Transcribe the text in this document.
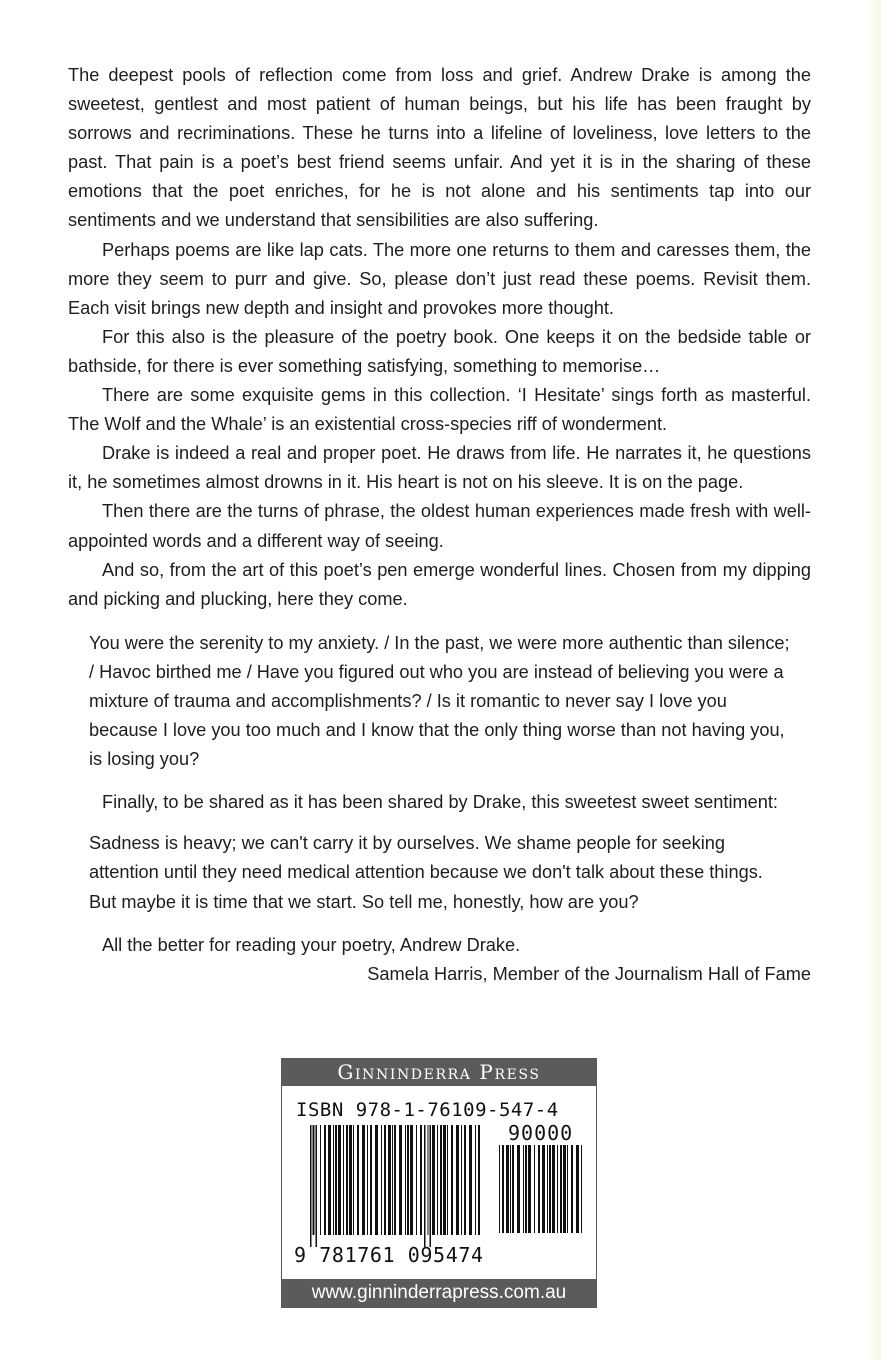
The deepest pools of reflection come from loss and grief. Andrew Drake is among the sweetest, gentlest and most patient of human beings, but his life has been fraught by sorrows and recriminations. These he turns into a lifeline of loveliness, love letters to the past. That pain is a poet’s best friend seems unfair. And yet it is in the sharing of these emotions that the poet enriches, for he is not alone and his sentiments tap into our sentiments and we understand that sensibilities are also suffering.

Perhaps poems are like lap cats. The more one returns to them and caresses them, the more they seem to purr and give. So, please don’t just read these poems. Revisit them. Each visit brings new depth and insight and provokes more thought.

For this also is the pleasure of the poetry book. One keeps it on the bedside table or bathside, for there is ever something satisfying, something to memorise…

There are some exquisite gems in this collection. ‘I Hesitate’ sings forth as masterful. The Wolf and the Whale’ is an existential cross-species riff of wonderment.

Drake is indeed a real and proper poet. He draws from life. He narrates it, he questions it, he sometimes almost drowns in it. His heart is not on his sleeve. It is on the page.

Then there are the turns of phrase, the oldest human experiences made fresh with well-appointed words and a different way of seeing.

And so, from the art of this poet’s pen emerge wonderful lines. Chosen from my dipping and picking and plucking, here they come.

You were the serenity to my anxiety. / In the past, we were more authentic than silence; / Havoc birthed me / Have you figured out who you are instead of believing you were a mixture of trauma and accomplishments? / Is it romantic to never say I love you because I love you too much and I know that the only thing worse than not having you, is losing you?

Finally, to be shared as it has been shared by Drake, this sweetest sweet sentiment:

Sadness is heavy; we can't carry it by ourselves. We shame people for seeking attention until they need medical attention because we don't talk about these things. But maybe it is time that we start. So tell me, honestly, how are you?

All the better for reading your poetry, Andrew Drake.

Samela Harris, Member of the Journalism Hall of Fame

Ginninderra Press
ISBN 978-1-76109-547-4
90000
9 781761 095474
www.ginninderrapress.com.au
